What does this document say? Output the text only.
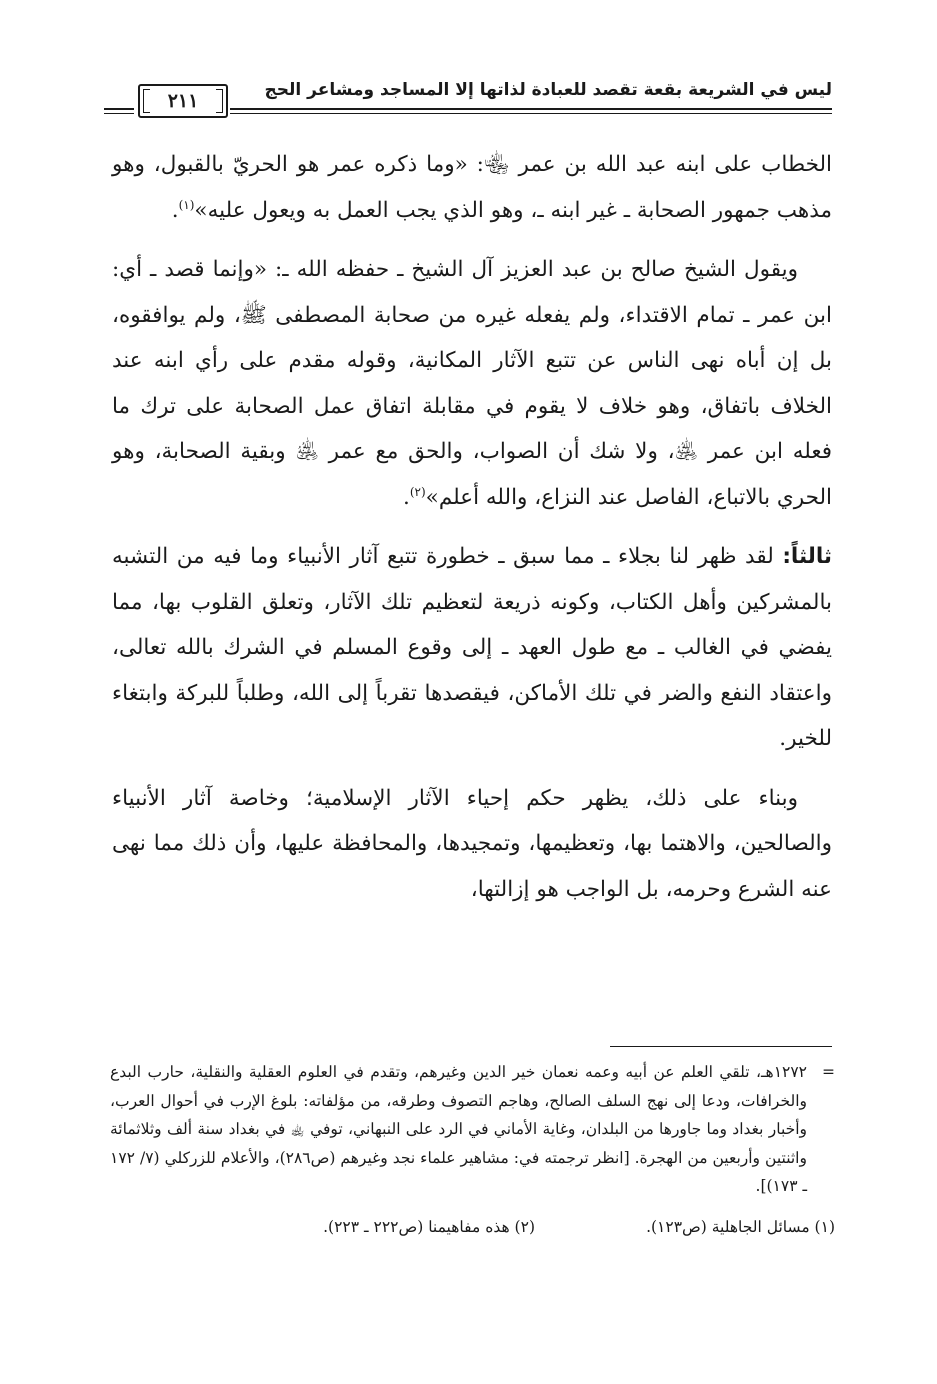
ليس في الشريعة بقعة تقصد للعبادة لذاتها إلا المساجد ومشاعر الحج
٢١١

الخطاب على ابنه عبد الله بن عمر ﵄: «وما ذكره عمر هو الحريّ بالقبول، وهو مذهب جمهور الصحابة ـ غير ابنه ـ، وهو الذي يجب العمل به ويعول عليه»$^{(١)}$.

ويقول الشيخ صالح بن عبد العزيز آل الشيخ ـ حفظه الله ـ: «وإنما قصد ـ أي: ابن عمر ـ تمام الاقتداء، ولم يفعله غيره من صحابة المصطفى ﷺ، ولم يوافقوه، بل إن أباه نهى الناس عن تتبع الآثار المكانية، وقوله مقدم على رأي ابنه عند الخلاف باتفاق، وهو خلاف لا يقوم في مقابلة اتفاق عمل الصحابة على ترك ما فعله ابن عمر ﵁، ولا شك أن الصواب، والحق مع عمر ﵁ وبقية الصحابة، وهو الحري بالاتباع، الفاصل عند النزاع، والله أعلم»$^{(٢)}$.

ثالثاً: لقد ظهر لنا بجلاء ـ مما سبق ـ خطورة تتبع آثار الأنبياء وما فيه من التشبه بالمشركين وأهل الكتاب، وكونه ذريعة لتعظيم تلك الآثار، وتعلق القلوب بها، مما يفضي في الغالب ـ مع طول العهد ـ إلى وقوع المسلم في الشرك بالله تعالى، واعتقاد النفع والضر في تلك الأماكن، فيقصدها تقرباً إلى الله، وطلباً للبركة وابتغاء للخير.

وبناء على ذلك، يظهر حكم إحياء الآثار الإسلامية؛ وخاصة آثار الأنبياء والصالحين، والاهتما بها، وتعظيمها، وتمجيدها، والمحافظة عليها، وأن ذلك مما نهى عنه الشرع وحرمه، بل الواجب هو إزالتها،

=
١٢٧٢هـ، تلقي العلم عن أبيه وعمه نعمان خير الدين وغيرهم، وتقدم في العلوم العقلية والنقلية، حارب البدع والخرافات، ودعا إلى نهج السلف الصالح، وهاجم التصوف وطرقه، من مؤلفاته: بلوغ الإرب في أحوال العرب، وأخبار بغداد وما جاورها من البلدان، وغاية الأماني في الرد على النبهاني، توفي ﵀ في بغداد سنة ألف وثلاثمائة واثنتين وأربعين من الهجرة. [انظر ترجمته في: مشاهير علماء نجد وغيرهم (ص٢٨٦)، والأعلام للزركلي (٧/ ١٧٢ ـ ١٧٣)].

(١) مسائل الجاهلية (ص١٢٣).
(٢) هذه مفاهيمنا (ص٢٢٢ ـ ٢٢٣).
